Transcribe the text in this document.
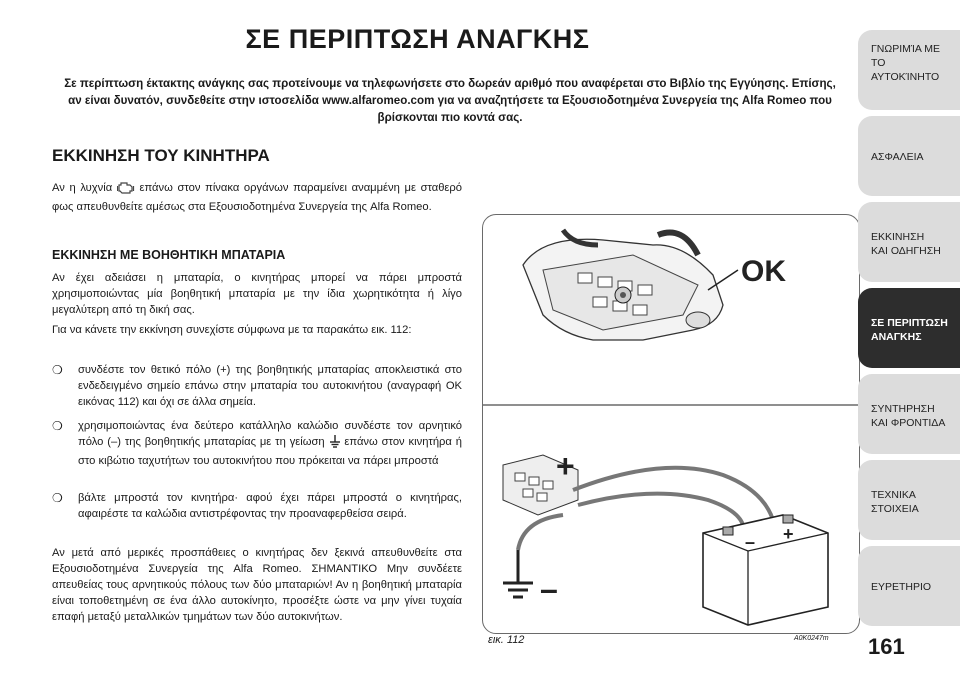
ΣΕ ΠΕΡΙΠΤΩΣΗ ΑΝΑΓΚΗΣ
Σε περίπτωση έκτακτης ανάγκης σας προτείνουμε να τηλεφωνήσετε στο δωρεάν αριθμό που αναφέρεται στο Βιβλίο της Εγγύησης. Επίσης, αν είναι δυνατόν, συνδεθείτε στην ιστοσελίδα www.alfaromeo.com για να αναζητήσετε τα Εξουσιοδοτημένα Συνεργεία της Alfa Romeo που βρίσκονται πιο κοντά σας.
ΕΚΚΙΝΗΣΗ ΤΟΥ ΚΙΝΗΤΗΡΑ
Αν η λυχνία επάνω στον πίνακα οργάνων παραμείνει αναμμένη με σταθερό φως απευθυνθείτε αμέσως στα Εξουσιοδοτημένα Συνεργεία της Alfa Romeo.
ΕΚΚΙΝΗΣΗ ΜΕ ΒΟΗΘΗΤΙΚΗ ΜΠΑΤΑΡΙΑ
Αν έχει αδειάσει η μπαταρία, ο κινητήρας μπορεί να πάρει μπροστά χρησιμοποιώντας μία βοηθητική μπαταρία με την ίδια χωρητικότητα ή λίγο μεγαλύτερη από τη δική σας.
Για να κάνετε την εκκίνηση συνεχίστε σύμφωνα με τα παρακάτω εικ. 112:
❍ συνδέστε τον θετικό πόλο (+) της βοηθητικής μπαταρίας αποκλειστικά στο ενδεδειγμένο σημείο επάνω στην μπαταρία του αυτοκινήτου (αναγραφή OK εικόνας 112) και όχι σε άλλα σημεία.
❍ χρησιμοποιώντας ένα δεύτερο κατάλληλο καλώδιο συνδέστε τον αρνητικό πόλο (–) της βοηθητικής μπαταρίας με τη γείωση επάνω στον κινητήρα ή στο κιβώτιο ταχυτήτων του αυτοκινήτου που πρόκειται να πάρει μπροστά
❍ βάλτε μπροστά τον κινητήρα· αφού έχει πάρει μπροστά ο κινητήρας, αφαιρέστε τα καλώδια αντιστρέφοντας την προαναφερθείσα σειρά.
Αν μετά από μερικές προσπάθειες ο κινητήρας δεν ξεκινά απευθυνθείτε στα Εξουσιοδοτημένα Συνεργεία της Alfa Romeo. ΣΗΜΑΝΤΙΚΟ Μην συνδέετε απευθείας τους αρνητικούς πόλους των δύο μπαταριών! Αν η βοηθητική μπαταρία είναι τοποθετημένη σε ένα άλλο αυτοκίνητο, προσέξτε ώστε να μην γίνει τυχαία επαφή μεταξύ μεταλλικών τμημάτων των δύο αυτοκινήτων.
OK
+
–
– +
εικ. 112	A0K0247m 161
ΓΝΩΡΙΜΊΑ ΜΕ ΤΟ
ΑΥΤΟΚΊΝΗΤΟ
ΑΣΦΑΛΕΙΑ
ΕΚΚΙΝΗΣΗ
ΚΑΙ ΟΔΗΓΗΣΗ
ΣΕ ΠΕΡΙΠΤΩΣΗ
ΑΝΑΓΚΗΣ
ΣΥΝΤΗΡΗΣΗ
ΚΑΙ ΦΡΟΝΤΙΔΑ
ΤΕΧΝΙΚΑ
ΣΤΟΙΧΕΙΑ
ΕΥΡΕΤΗΡΙΟ
